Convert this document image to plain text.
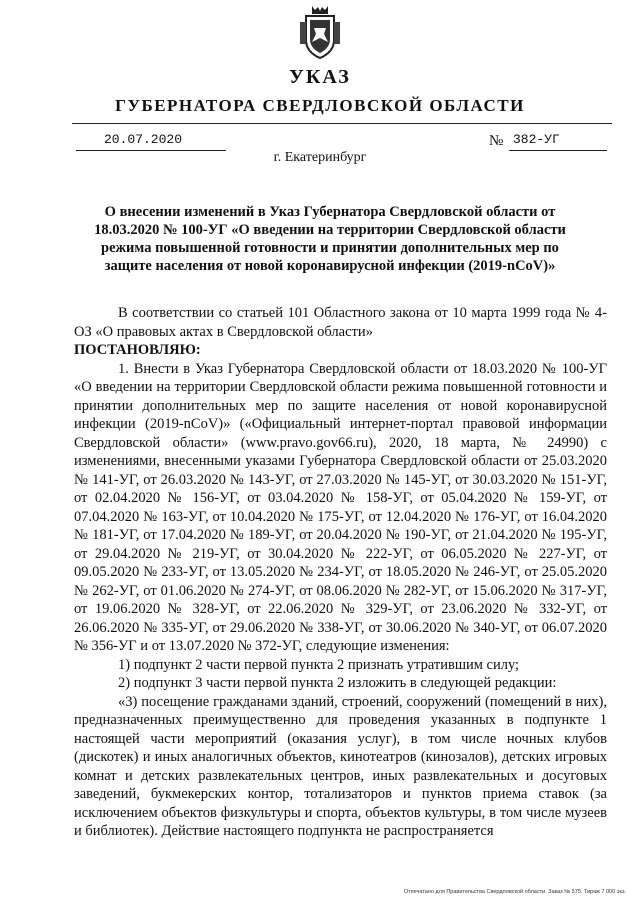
УКАЗ
ГУБЕРНАТОРА СВЕРДЛОВСКОЙ ОБЛАСТИ
20.07.2020	№ 382-УГ
г. Екатеринбург
О внесении изменений в Указ Губернатора Свердловской области от 18.03.2020 № 100-УГ «О введении на территории Свердловской области режима повышенной готовности и принятии дополнительных мер по защите населения от новой коронавирусной инфекции (2019-nCoV)»

В соответствии со статьей 101 Областного закона от 10 марта 1999 года № 4-ОЗ «О правовых актах в Свердловской области»

ПОСТАНОВЛЯЮ:

1. Внести в Указ Губернатора Свердловской области от 18.03.2020 № 100-УГ «О введении на территории Свердловской области режима повышенной готовности и принятии дополнительных мер по защите населения от новой коронавирусной инфекции (2019-nCoV)» («Официальный интернет-портал правовой информации Свердловской области» (www.pravo.gov66.ru), 2020, 18 марта, № 24990) с изменениями, внесенными указами Губернатора Свердловской области от 25.03.2020 № 141-УГ, от 26.03.2020 № 143-УГ, от 27.03.2020 № 145-УГ, от 30.03.2020 № 151-УГ, от 02.04.2020 № 156-УГ, от 03.04.2020 № 158-УГ, от 05.04.2020 № 159-УГ, от 07.04.2020 № 163-УГ, от 10.04.2020 № 175-УГ, от 12.04.2020 № 176-УГ, от 16.04.2020 № 181-УГ, от 17.04.2020 № 189-УГ, от 20.04.2020 № 190-УГ, от 21.04.2020 № 195-УГ, от 29.04.2020 № 219-УГ, от 30.04.2020 № 222-УГ, от 06.05.2020 № 227-УГ, от 09.05.2020 № 233-УГ, от 13.05.2020 № 234-УГ, от 18.05.2020 № 246-УГ, от 25.05.2020 № 262-УГ, от 01.06.2020 № 274-УГ, от 08.06.2020 № 282-УГ, от 15.06.2020 № 317-УГ, от 19.06.2020 № 328-УГ, от 22.06.2020 № 329-УГ, от 23.06.2020 № 332-УГ, от 26.06.2020 № 335-УГ, от 29.06.2020 № 338-УГ, от 30.06.2020 № 340-УГ, от 06.07.2020 № 356-УГ и от 13.07.2020 № 372-УГ, следующие изменения:

1) подпункт 2 части первой пункта 2 признать утратившим силу;

2) подпункт 3 части первой пункта 2 изложить в следующей редакции:

«3) посещение гражданами зданий, строений, сооружений (помещений в них), предназначенных преимущественно для проведения указанных в подпункте 1 настоящей части мероприятий (оказания услуг), в том числе ночных клубов (дискотек) и иных аналогичных объектов, кинотеатров (кинозалов), детских игровых комнат и детских развлекательных центров, иных развлекательных и досуговых заведений, букмекерских контор, тотализаторов и пунктов приема ставок (за исключением объектов физкультуры и спорта, объектов культуры, в том числе музеев и библиотек). Действие настоящего подпункта не распространяется

Отпечатано для Правительства Свердловской области. Заказ № 575. Тираж 7 000 экз.
